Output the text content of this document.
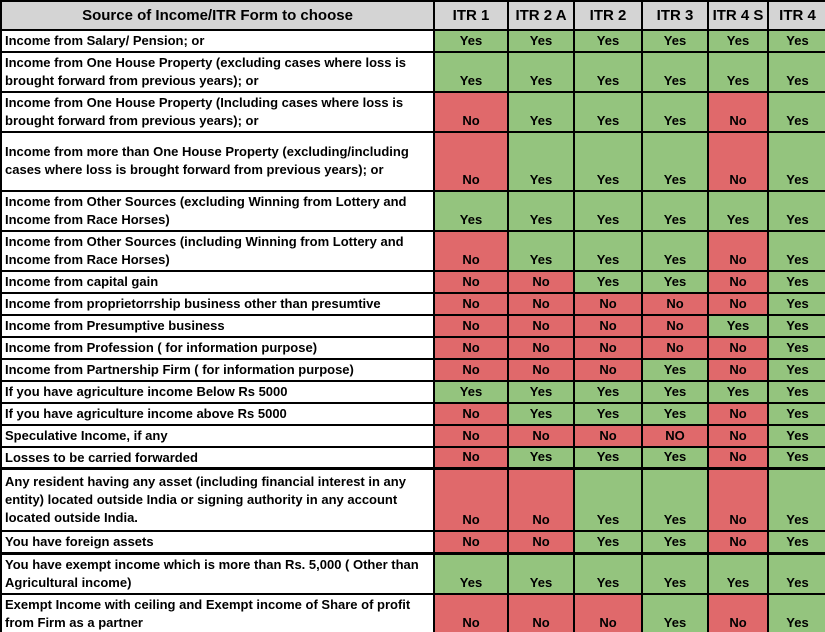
Source of Income/ITR Form to choose	ITR 1	ITR 2 A	ITR 2	ITR 3	ITR 4 S	ITR 4
Income from Salary/ Pension; or	Yes	Yes	Yes	Yes	Yes	Yes
Income from One House Property (excluding cases where loss is brought forward from previous years); or	Yes	Yes	Yes	Yes	Yes	Yes
Income from One House Property (Including cases where loss is brought forward from previous years); or	No	Yes	Yes	Yes	No	Yes
Income from more than One House Property (excluding/including cases where loss is brought forward from previous years); or	No	Yes	Yes	Yes	No	Yes
Income from Other Sources (excluding Winning from Lottery and Income from Race Horses)	Yes	Yes	Yes	Yes	Yes	Yes
Income from Other Sources (including Winning from Lottery and Income from Race Horses)	No	Yes	Yes	Yes	No	Yes
Income from capital gain	No	No	Yes	Yes	No	Yes
Income from proprietorrship business other than presumtive	No	No	No	No	No	Yes
Income from Presumptive business	No	No	No	No	Yes	Yes
Income from Profession ( for information purpose)	No	No	No	No	No	Yes
Income from Partnership Firm ( for information purpose)	No	No	No	Yes	No	Yes
If you have agriculture income Below Rs 5000	Yes	Yes	Yes	Yes	Yes	Yes
If you have agriculture income above Rs 5000	No	Yes	Yes	Yes	No	Yes
Speculative Income, if any	No	No	No	NO	No	Yes
Losses to be carried forwarded	No	Yes	Yes	Yes	No	Yes
Any resident having any asset (including financial interest in any entity) located outside India or signing authority in any account located outside India.	No	No	Yes	Yes	No	Yes
You have foreign assets	No	No	Yes	Yes	No	Yes
You have exempt income which is more than Rs. 5,000 ( Other than Agricultural income)	Yes	Yes	Yes	Yes	Yes	Yes
Exempt Income with ceiling and Exempt income of Share of profit from Firm as a partner	No	No	No	Yes	No	Yes
